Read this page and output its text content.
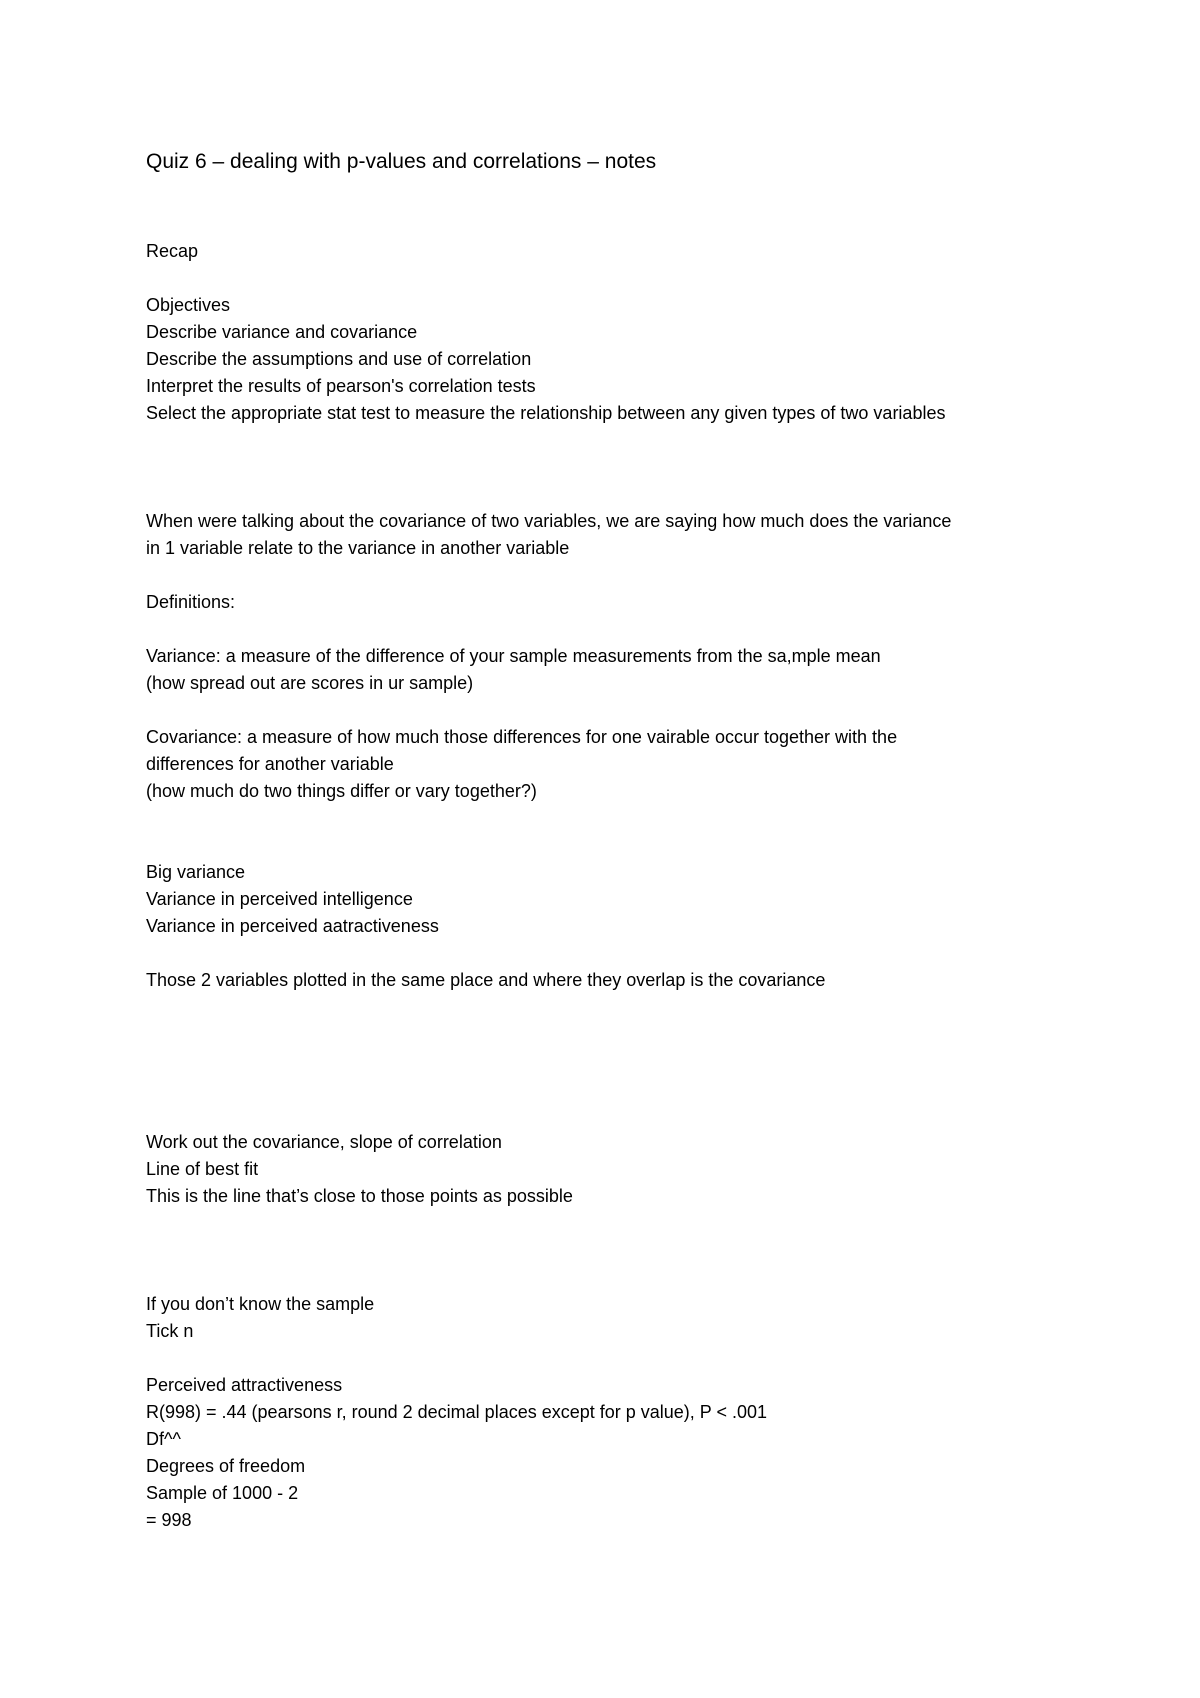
Quiz 6 – dealing with p-values and correlations – notes
Recap
Objectives
Describe variance and covariance
Describe the assumptions and use of correlation
Interpret the results of pearson's correlation tests
Select the appropriate stat test to measure the relationship between any given types of two variables
When were talking about the covariance of two variables, we are saying how much does the variance
in 1 variable relate to the variance in another variable
Definitions:
Variance: a measure of the difference of your sample measurements from the sa,mple mean
(how spread out are scores in ur sample)
Covariance: a measure of how much those differences for one vairable occur together with the
differences for another variable
(how much do two things differ or vary together?)
Big variance
Variance in perceived intelligence
Variance in perceived aatractiveness
Those 2 variables plotted in the same place and where they overlap is the covariance
Work out the covariance, slope of correlation
Line of best fit
This is the line that’s close to those points as possible
If you don’t know the sample
Tick n
Perceived attractiveness
R(998) = .44 (pearsons r, round 2 decimal places except for p value), P < .001
Df^^
Degrees of freedom
Sample of 1000 - 2
= 998
